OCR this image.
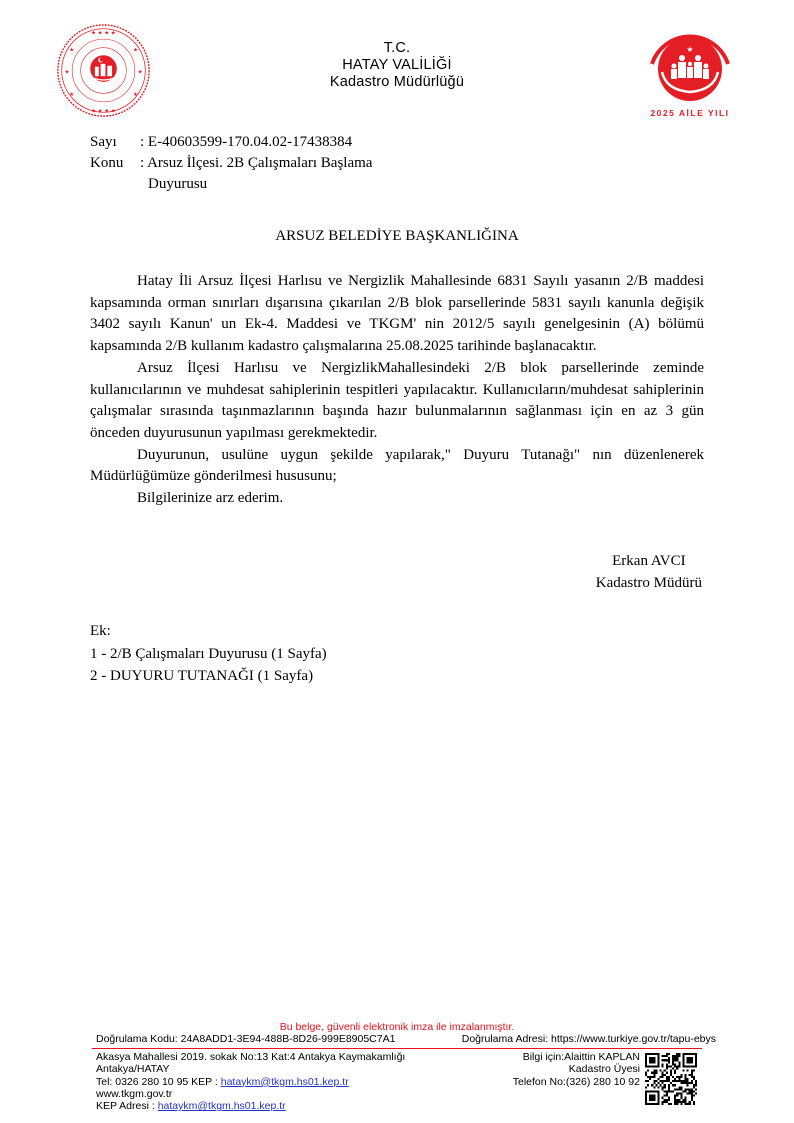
★ ★ ★ ★
★ ★ ★ ★
★	★
★	★
★	★
★
2025 AİLE YILI
T.C.
HATAY VALİLİĞİ
Kadastro Müdürlüğü
Sayı	: E-40603599-170.04.02-17438384
Konu	: Arsuz İlçesi. 2B Çalışmaları Başlama
Duyurusu
ARSUZ BELEDİYE BAŞKANLIĞINA

Hatay İli Arsuz İlçesi Harlısu ve Nergizlik Mahallesinde 6831 Sayılı yasanın 2/B maddesi kapsamında orman sınırları dışarısına çıkarılan 2/B blok parsellerinde 5831 sayılı kanunla değişik 3402 sayılı Kanun' un Ek-4. Maddesi ve TKGM' nin 2012/5 sayılı genelgesinin (A) bölümü kapsamında 2/B kullanım kadastro çalışmalarına 25.08.2025 tarihinde başlanacaktır.

Arsuz İlçesi Harlısu ve NergizlikMahallesindeki 2/B blok parsellerinde zeminde kullanıcılarının ve muhdesat sahiplerinin tespitleri yapılacaktır. Kullanıcıların/muhdesat sahiplerinin çalışmalar sırasında taşınmazlarının başında hazır bulunmalarının sağlanması için en az 3 gün önceden duyurusunun yapılması gerekmektedir.

Duyurunun, usulüne uygun şekilde yapılarak," Duyuru Tutanağı" nın düzenlenerek Müdürlüğümüze gönderilmesi hususunu;

Bilgilerinize arz ederim.

Erkan AVCI
Kadastro Müdürü
Ek:
1 - 2/B Çalışmaları Duyurusu (1 Sayfa)
2 - DUYURU TUTANAĞI (1 Sayfa)
Bu belge, güvenli elektronik imza ile imzalanmıştır.
Doğrulama Kodu: 24A8ADD1-3E94-488B-8D26-999E8905C7A1	Doğrulama Adresi: https://www.turkiye.gov.tr/tapu-ebys
Akasya Mahallesi 2019. sokak No:13 Kat:4 Antakya Kaymakamlığı
Antakya/HATAY
Tel: 0326 280 10 95 KEP : hataykm@tkgm.hs01.kep.tr
www.tkgm.gov.tr
KEP Adresi : hataykm@tkgm.hs01.kep.tr
Bilgi için:Alaittin KAPLAN
Kadastro Üyesi
Telefon No:(326) 280 10 92
